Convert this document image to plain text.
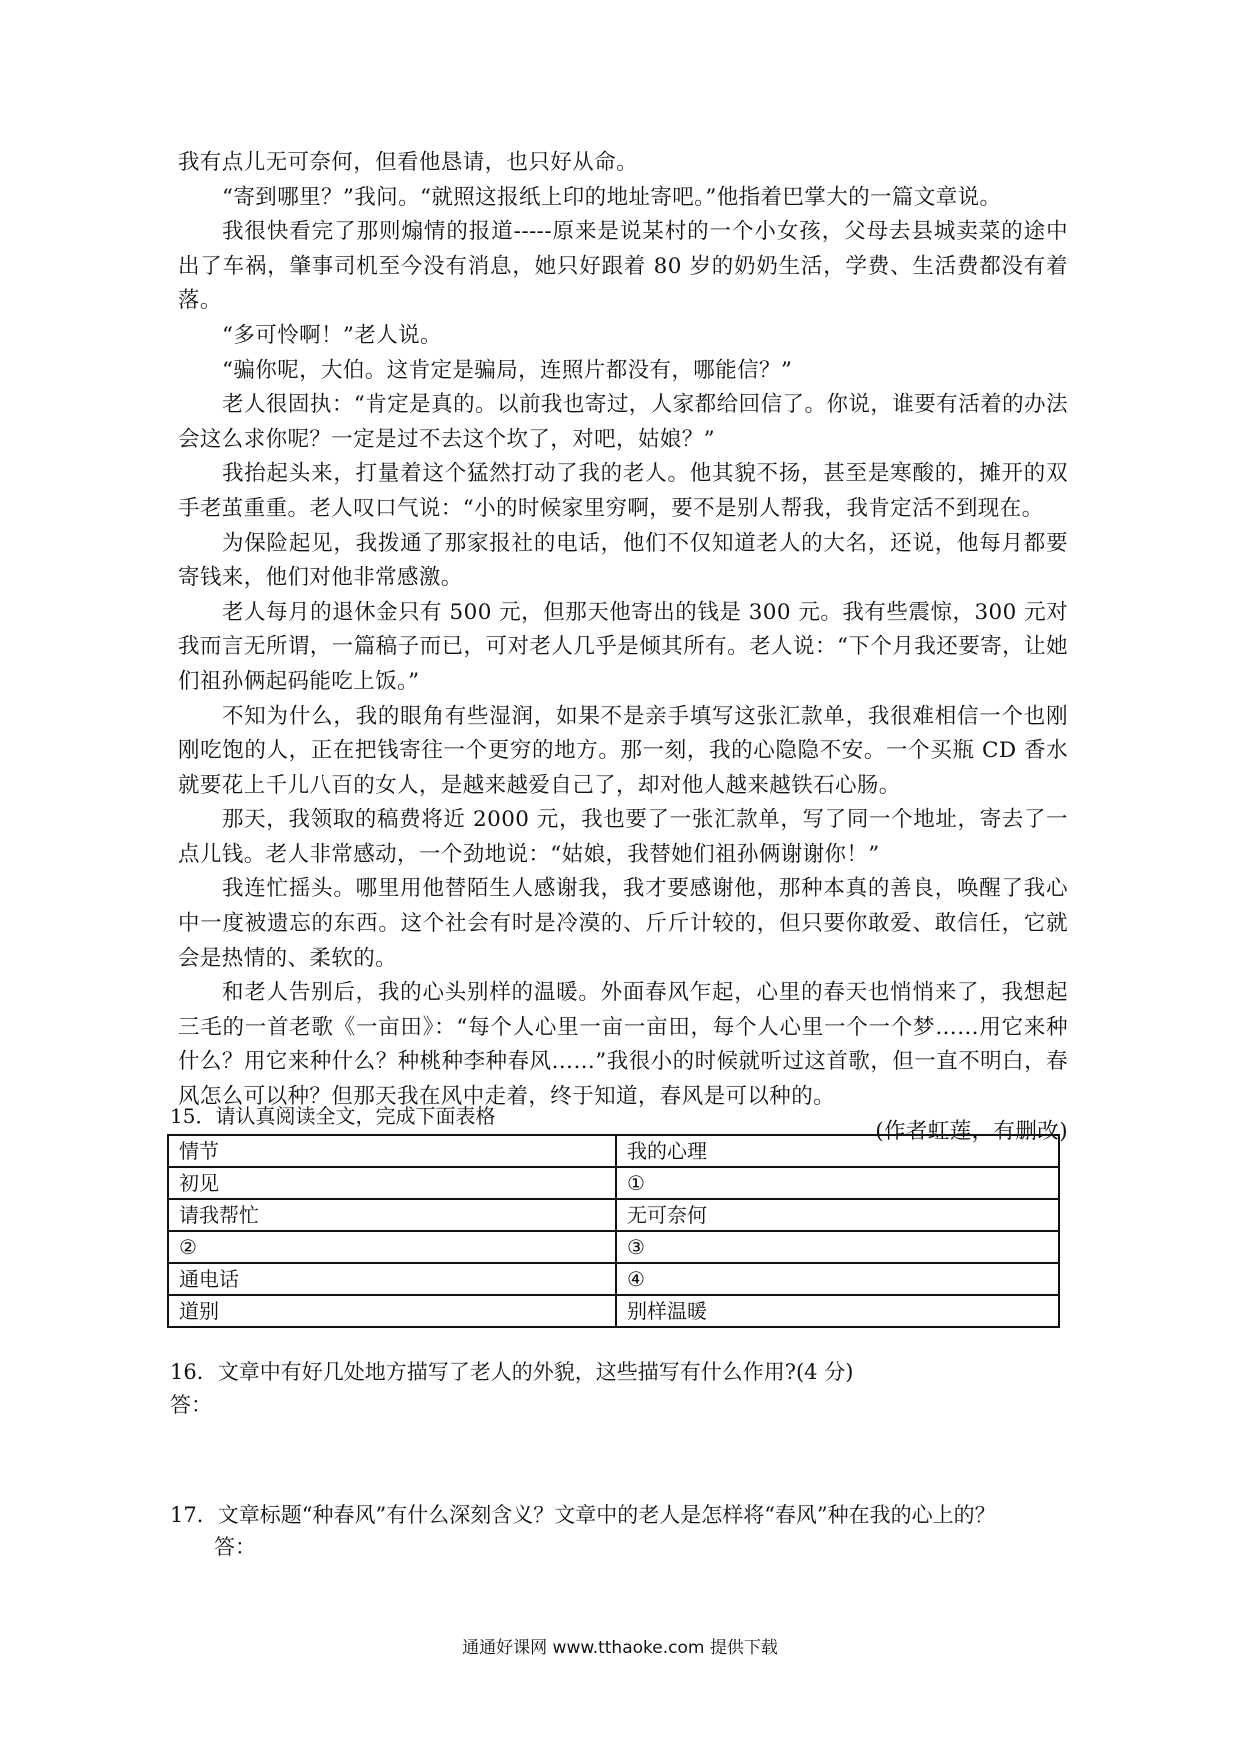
我有点儿无可奈何，但看他恳请，也只好从命。

“寄到哪里？”我问。“就照这报纸上印的地址寄吧。”他指着巴掌大的一篇文章说。

我很快看完了那则煽情的报道-----原来是说某村的一个小女孩，父母去县城卖菜的途中出了车祸，肇事司机至今没有消息，她只好跟着 80 岁的奶奶生活，学费、生活费都没有着落。

“多可怜啊！”老人说。

“骗你呢，大伯。这肯定是骗局，连照片都没有，哪能信？”

老人很固执：“肯定是真的。以前我也寄过，人家都给回信了。你说，谁要有活着的办法会这么求你呢？一定是过不去这个坎了，对吧，姑娘？”

我抬起头来，打量着这个猛然打动了我的老人。他其貌不扬，甚至是寒酸的，摊开的双手老茧重重。老人叹口气说：“小的时候家里穷啊，要不是别人帮我，我肯定活不到现在。

为保险起见，我拨通了那家报社的电话，他们不仅知道老人的大名，还说，他每月都要寄钱来，他们对他非常感激。

老人每月的退休金只有 500 元，但那天他寄出的钱是 300 元。我有些震惊，300 元对我而言无所谓，一篇稿子而已，可对老人几乎是倾其所有。老人说：“下个月我还要寄，让她们祖孙俩起码能吃上饭。”

不知为什么，我的眼角有些湿润，如果不是亲手填写这张汇款单，我很难相信一个也刚刚吃饱的人，正在把钱寄往一个更穷的地方。那一刻，我的心隐隐不安。一个买瓶 CD 香水就要花上千儿八百的女人，是越来越爱自己了，却对他人越来越铁石心肠。

那天，我领取的稿费将近 2000 元，我也要了一张汇款单，写了同一个地址，寄去了一点儿钱。老人非常感动，一个劲地说：“姑娘，我替她们祖孙俩谢谢你！”

我连忙摇头。哪里用他替陌生人感谢我，我才要感谢他，那种本真的善良，唤醒了我心中一度被遗忘的东西。这个社会有时是冷漠的、斤斤计较的，但只要你敢爱、敢信任，它就会是热情的、柔软的。

和老人告别后，我的心头别样的温暖。外面春风乍起，心里的春天也悄悄来了，我想起三毛的一首老歌《一亩田》：“每个人心里一亩一亩田，每个人心里一个一个梦……用它来种什么？用它来种什么？种桃种李种春风……”我很小的时候就听过这首歌，但一直不明白，春风怎么可以种？但那天我在风中走着，终于知道，春风是可以种的。

(作者虹莲，有删改)

15．请认真阅读全文，完成下面表格
情节	我的心理
初见	①
请我帮忙	无可奈何
②	③
通电话	④
道别	别样温暖
16．文章中有好几处地方描写了老人的外貌，这些描写有什么作用?(4 分)
答：
17．文章标题“种春风”有什么深刻含义？文章中的老人是怎样将“春风”种在我的心上的？
答：
通通好课网 www.tthaoke.com 提供下载
